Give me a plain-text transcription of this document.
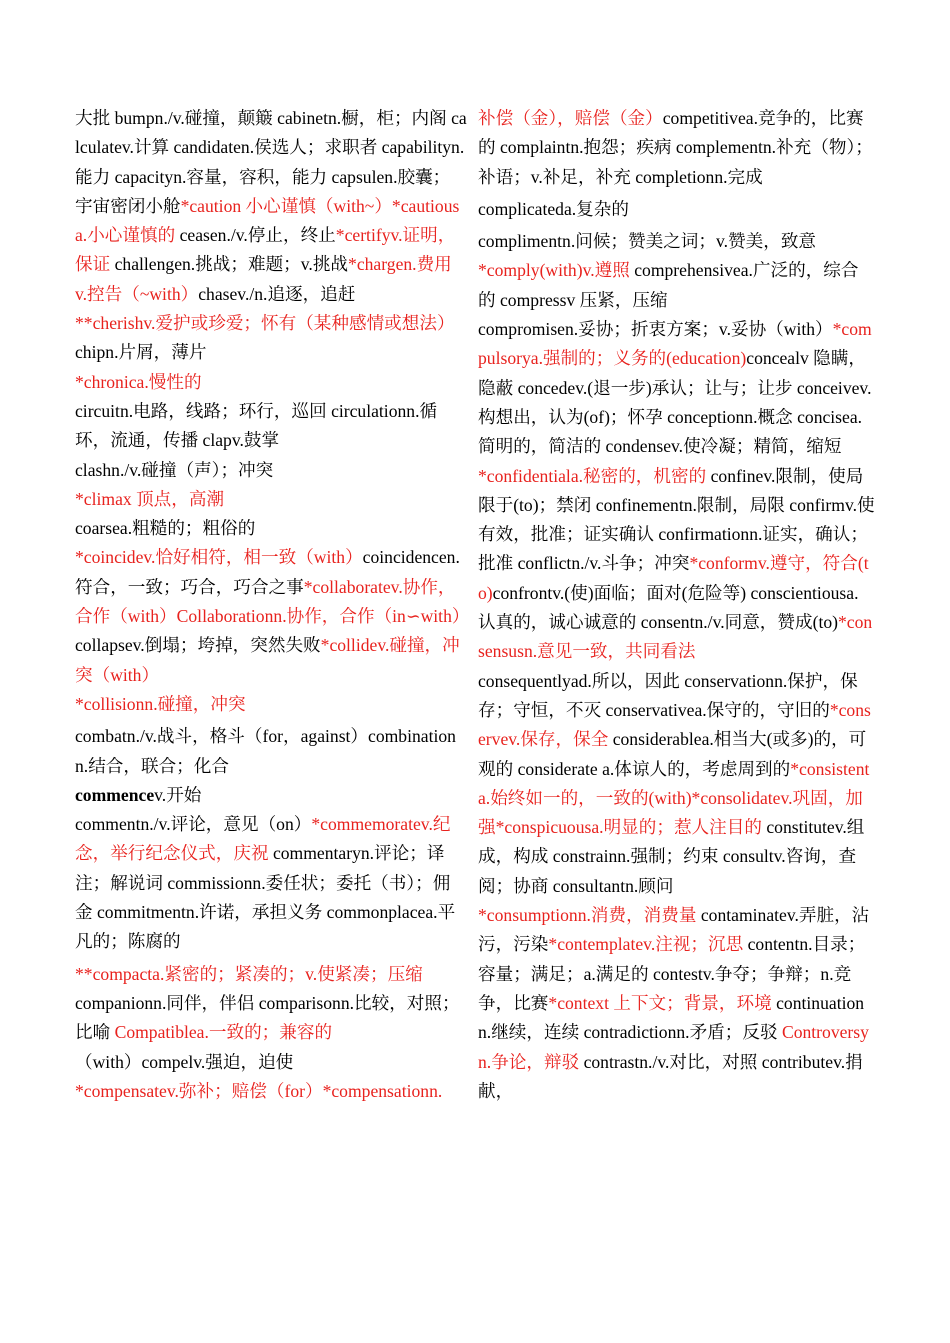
大批 bumpn./v.碰撞，颠簸 cabinetn.橱，柜；内阁 calculatev.计算 candidaten.侯选人；求职者 capabilityn.能力 capacityn.容量，容积，能力 capsulen.胶囊；宇宙密闭小舱*caution 小心谨慎（with~）*cautiousa.小心谨慎的 ceasen./v.停止，终止*certifyv.证明，保证 challengen.挑战；难题；v.挑战*chargen.费用 v.控告（~with）chasev./n.追逐，追赶

**cherishv.爱护或珍爱；怀有（某种感情或想法）

chipn.片屑，薄片

*chronica.慢性的

circuitn.电路，线路；环行，巡回 circulationn.循环，流通，传播 clapv.鼓掌

clashn./v.碰撞（声）；冲突

*climax 顶点，高潮

coarsea.粗糙的；粗俗的

*coincidev.恰好相符，相一致（with）coincidencen.符合，一致；巧合，巧合之事*collaboratev.协作，合作（with）Collaborationn.协作，合作（in∽with）collapsev.倒塌；垮掉，突然失败*collidev.碰撞，冲突（with）

*collisionn.碰撞，冲突

combatn./v.战斗，格斗（for，against）combinationn.结合，联合；化合

commencev.开始

commentn./v.评论，意见（on）*commemoratev.纪念，举行纪念仪式，庆祝 commentaryn.评论；译注；解说词 commissionn.委任状；委托（书）；佣金 commitmentn.许诺，承担义务 commonplacea.平凡的；陈腐的

**compacta.紧密的；紧凑的；v.使紧凑；压缩

companionn.同伴，伴侣 comparisonn.比较，对照；比喻 Compatiblea.一致的；兼容的

（with）compelv.强迫，迫使

*compensatev.弥补；赔偿（for）*compensationn.

补偿（金），赔偿（金）competitivea.竞争的，比赛的 complaintn.抱怨；疾病 complementn.补充（物）；补语；v.补足，补充 completionn.完成

complicateda.复杂的

complimentn.问候；赞美之词；v.赞美，致意

*comply(with)v.遵照 comprehensivea.广泛的，综合的 compressv 压紧，压缩

compromisen.妥协；折衷方案；v.妥协（with）*compulsorya.强制的；义务的(education)concealv 隐瞒，隐蔽 concedev.(退一步)承认；让与；让步 conceivev.构想出，认为(of)；怀孕 conceptionn.概念 concisea.简明的，简洁的 condensev.使冷凝；精简，缩短

*confidentiala.秘密的，机密的 confinev.限制，使局限于(to)；禁闭 confinementn.限制，局限 confirmv.使有效，批准；证实确认 confirmationn.证实，确认；批准 conflictn./v.斗争；冲突*conformv.遵守，符合(to)confrontv.(使)面临；面对(危险等) conscientiousa.认真的，诚心诚意的 consentn./v.同意，赞成(to)*consensusn.意见一致，共同看法

consequentlyad.所以，因此 conservationn.保护，保存；守恒，不灭 conservativea.保守的，守旧的*conservev.保存，保全 considerablea.相当大(或多)的，可观的 considerate a.体谅人的，考虑周到的*consistenta.始终如一的，一致的(with)*consolidatev.巩固，加强*conspicuousa.明显的；惹人注目的 constitutev.组成，构成 constrainn.强制；约束 consultv.咨询，查阅；协商 consultantn.顾问

*consumptionn.消费，消费量 contaminatev.弄脏，沾污，污染*contemplatev.注视；沉思 contentn.目录；容量；满足；a.满足的 contestv.争夺；争辩；n.竞争，比赛*context 上下文；背景，环境 continuationn.继续，连续 contradictionn.矛盾；反驳 Controversyn.争论，辩驳 contrastn./v.对比，对照 contributev.捐献，
